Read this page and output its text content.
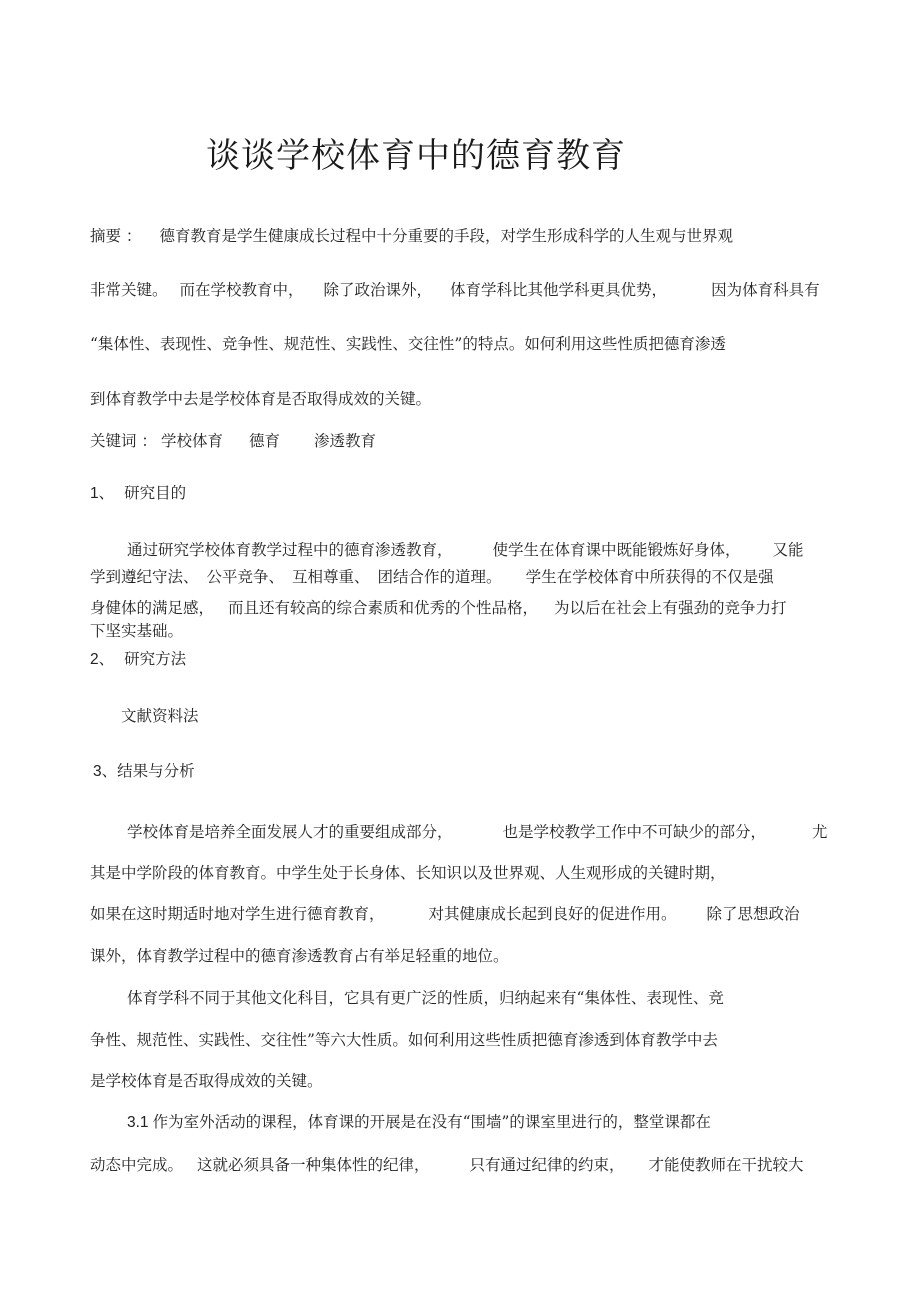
谈谈学校体育中的德育教育
摘要 ： 德育教育是学生健康成长过程中十分重要的手段，对学生形成科学的人生观与世界观
非常关键。 而在学校教育中， 除了政治课外， 体育学科比其他学科更具优势，	因为体育科具有
“集体性、表现性、竞争性、规范性、实践性、交往性”的特点。如何利用这些性质把德育渗透
到体育教学中去是学校体育是否取得成效的关键。
关键词 ： 学校体育 德育 渗透教育
1、 研究目的
通过研究学校体育教学过程中的德育渗透教育，	使学生在体育课中既能锻炼好身体， 又能
学到遵纪守法、 公平竞争、 互相尊重、 团结合作的道理。 学生在学校体育中所获得的不仅是强
身健体的满足感， 而且还有较高的综合素质和优秀的个性品格， 为以后在社会上有强劲的竞争力打
下坚实基础。
2、 研究方法
文献资料法
3、结果与分析
学校体育是培养全面发展人才的重要组成部分，	也是学校教学工作中不可缺少的部分，	尤
其是中学阶段的体育教育。中学生处于长身体、长知识以及世界观、人生观形成的关键时期，
如果在这时期适时地对学生进行德育教育，	对其健康成长起到良好的促进作用。 除了思想政治
课外，体育教学过程中的德育渗透教育占有举足轻重的地位。
体育学科不同于其他文化科目，它具有更广泛的性质，归纳起来有“集体性、表现性、竞
争性、规范性、实践性、交往性”等六大性质。如何利用这些性质把德育渗透到体育教学中去
是学校体育是否取得成效的关键。
3.1 作为室外活动的课程，体育课的开展是在没有“围墙”的课室里进行的，整堂课都在
动态中完成。 这就必须具备一种集体性的纪律，	只有通过纪律的约束， 才能使教师在干扰较大
